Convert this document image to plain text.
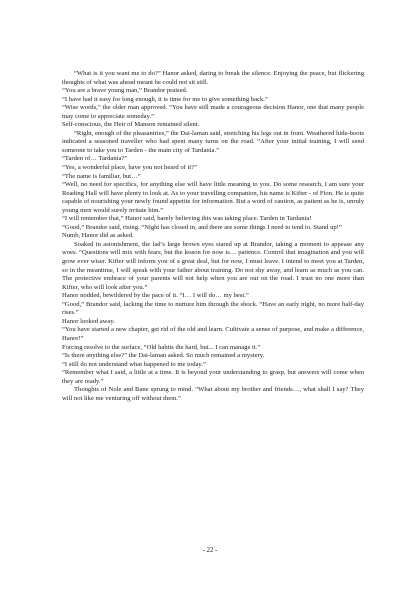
“What is it you want me to do?” Hanor asked, daring to break the silence. Enjoying the peace, but flickering thoughts of what was ahead meant he could not sit still.

“You are a brave young man,” Brandor praised.

“I have had it easy for long enough, it is time for me to give something back.”

“Wise words,” the older man approved. “You have still made a courageous decision Hanor, one that many people may come to appreciate someday.”

Self-conscious, the Heir of Manson remained silent.

“Right, enough of the pleasantries,” the Dai-laman said, stretching his legs out in front. Weathered hide-boots indicated a seasoned traveller who had spent many turns on the road. “After your initial training, I will send someone to take you to Tarden - the main city of Tardania.”

“Tarden of… Tardania?”

“Yes, a wonderful place, have you not heard of it?”

“The name is familiar, but…”

“Well, no need for specifics, for anything else will have little meaning to you. Do some research, I am sure your Reading Hall will have plenty to look at. As to your travelling companion, his name is Kifter - of Fion. He is quite capable of nourishing your newly found appetite for information. But a word of caution, as patient as he is, unruly young men would surely irritate him.”

“I will remember that,” Hanor said, barely believing this was taking place. Tarden in Tardania!

“Good,” Brandor said, rising. “Night has closed in, and there are some things I need to tend to. Stand up!”

Numb, Hanor did as asked.

Soaked in astonishment, the lad’s large brown eyes stared up at Brandor, taking a moment to appease any woes. “Questions will mix with fears, but the lesson for now is… patience. Control that imagination and you will grow ever wiser. Kifter will inform you of a great deal, but for now, I must leave. I intend to meet you at Tarden, so in the meantime, I will speak with your father about training. Do not shy away, and learn as much as you can. The protective embrace of your parents will not help when you are out on the road. I trust no one more than Kifter, who will look after you.”

Hanor nodded, bewildered by the pace of it. “I… I will do… my best.”

“Good,” Brandor said, lacking the time to nurture him through the shock. “Have an early night, no more half-day rises.”

Hanor looked away.

“You have started a new chapter, get rid of the old and learn. Cultivate a sense of purpose, and make a difference, Hanor!”

Forcing resolve to the surface, “Old habits die hard, but... I can manage it.”

“Is there anything else?” the Dai-laman asked. So much remained a mystery.

“I still do not understand what happened to me today.”

“Remember what I said, a little at a time. It is beyond your understanding to grasp, but answers will come when they are ready.”

Thoughts of Nole and Bane sprung to mind. “What about my brother and friends…, what shall I say? They will not like me venturing off without them.”

- 22 -
